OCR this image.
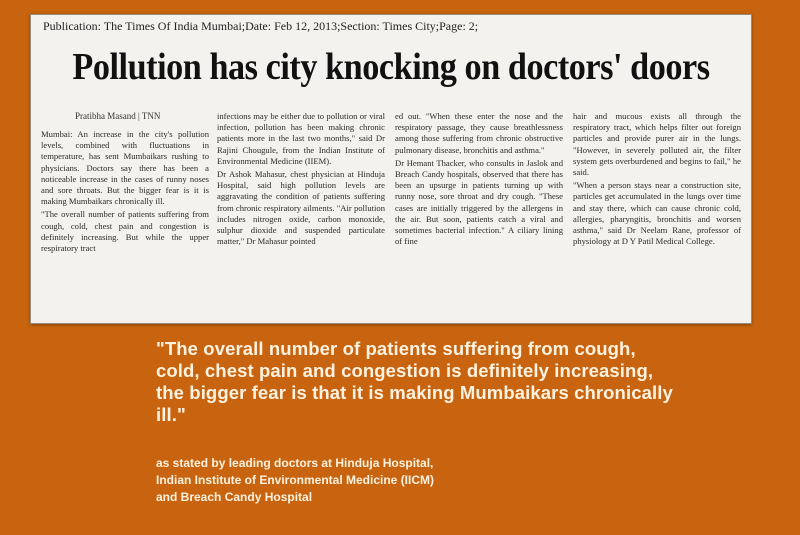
Publication: The Times Of India Mumbai;Date: Feb 12, 2013;Section: Times City;Page: 2;
Pollution has city knocking on doctors' doors
Pratibha Masand | TNN

Mumbai: An increase in the city's pollution levels, combined with fluctuations in temperature, has sent Mumbaikars rushing to physicians. Doctors say there has been a noticeable increase in the cases of runny noses and sore throats. But the bigger fear is it is making Mumbaikars chronically ill.

"The overall number of patients suffering from cough, cold, chest pain and congestion is definitely increasing. But while the upper respiratory tract

infections may be either due to pollution or viral infection, pollution has been making chronic patients more in the last two months," said Dr Rajini Chougule, from the Indian Institute of Environmental Medicine (IIEM).

Dr Ashok Mahasur, chest physician at Hinduja Hospital, said high pollution levels are aggravating the condition of patients suffering from chronic respiratory ailments. "Air pollution includes nitrogen oxide, carbon monoxide, sulphur dioxide and suspended particulate matter," Dr Mahasur pointed

ed out. "When these enter the nose and the respiratory passage, they cause breathlessness among those suffering from chronic obstructive pulmonary disease, bronchitis and asthma."

Dr Hemant Thacker, who consults in Jaslok and Breach Candy hospitals, observed that there has been an upsurge in patients turning up with runny nose, sore throat and dry cough. "These cases are initially triggered by the allergens in the air. But soon, patients catch a viral and sometimes bacterial infection." A ciliary lining of fine

hair and mucous exists all through the respiratory tract, which helps filter out foreign particles and provide purer air in the lungs. "However, in severely polluted air, the filter system gets overburdened and begins to fail," he said.

"When a person stays near a construction site, particles get accumulated in the lungs over time and stay there, which can cause chronic cold, allergies, pharyngitis, bronchitis and worsen asthma," said Dr Neelam Rane, professor of physiology at D Y Patil Medical College.

"The overall number of patients suffering from cough, cold, chest pain and congestion is definitely increasing, the bigger fear is that it is making Mumbaikars chronically ill."
as stated by leading doctors at Hinduja Hospital,
Indian Institute of Environmental Medicine (IICM)
and Breach Candy Hospital
